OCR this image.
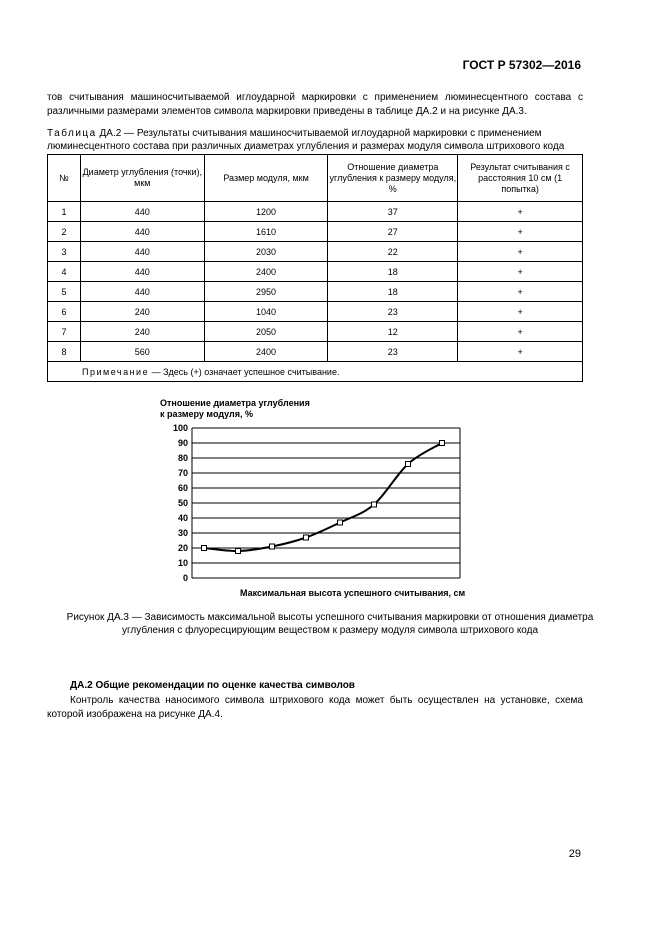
ГОСТ Р 57302—2016
тов считывания машиносчитываемой иглоударной маркировки с применением люминесцентного состава с различными размерами элементов символа маркировки приведены в таблице ДА.2 и на рисунке ДА.3.
Таблица ДА.2 — Результаты считывания машиносчитываемой иглоударной маркировки с применением люминесцентного состава при различных диаметрах углубления и размерах модуля символа штрихового кода
№	Диаметр углубления (точки), мкм	Размер модуля, мкм	Отношение диаметра углубления к размеру модуля, %	Результат считывания с расстояния 10 см (1 попытка)
1	440	1200	37	+
2	440	1610	27	+
3	440	2030	22	+
4	440	2400	18	+
5	440	2950	18	+
6	240	1040	23	+
7	240	2050	12	+
8	560	2400	23	+
Примечание — Здесь (+) означает успешное считывание.				
Отношение диаметра углубления
к размеру модуля, %
Максимальная высота успешного считывания, см
0
10
20
30
40
50
60
70
80
90
100
Рисунок ДА.3 — Зависимость максимальной высоты успешного считывания маркировки от отношения диаметра углубления с флуоресцирующим веществом к размеру модуля символа штрихового кода
ДА.2 Общие рекомендации по оценке качества символов
Контроль качества наносимого символа штрихового кода может быть осуществлен на установке, схема которой изображена на рисунке ДА.4.
29
